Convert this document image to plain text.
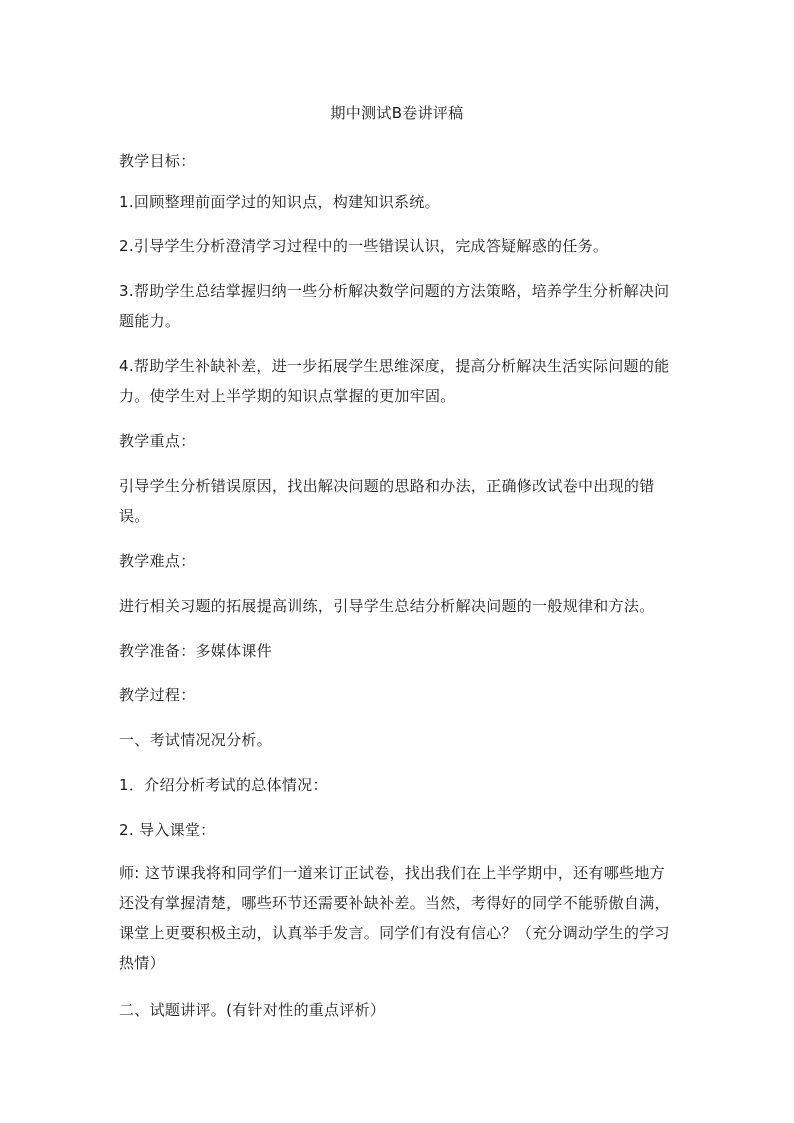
期中测试B卷讲评稿
教学目标：
1.回顾整理前面学过的知识点，构建知识系统。
2.引导学生分析澄清学习过程中的一些错误认识，完成答疑解惑的任务。
3.帮助学生总结掌握归纳一些分析解决数学问题的方法策略，培养学生分析解决问题能力。
4.帮助学生补缺补差，进一步拓展学生思维深度，提高分析解决生活实际问题的能力。使学生对上半学期的知识点掌握的更加牢固。
教学重点：
引导学生分析错误原因，找出解决问题的思路和办法，正确修改试卷中出现的错误。
教学难点：
进行相关习题的拓展提高训练，引导学生总结分析解决问题的一般规律和方法。
教学准备：多媒体课件
教学过程：
一、考试情况况分析。
1．介绍分析考试的总体情况：
2. 导入课堂：
师: 这节课我将和同学们一道来订正试卷，找出我们在上半学期中，还有哪些地方还没有掌握清楚，哪些环节还需要补缺补差。当然，考得好的同学不能骄傲自满，课堂上更要积极主动，认真举手发言。同学们有没有信心？（充分调动学生的学习热情）
二、试题讲评。(有针对性的重点评析）
